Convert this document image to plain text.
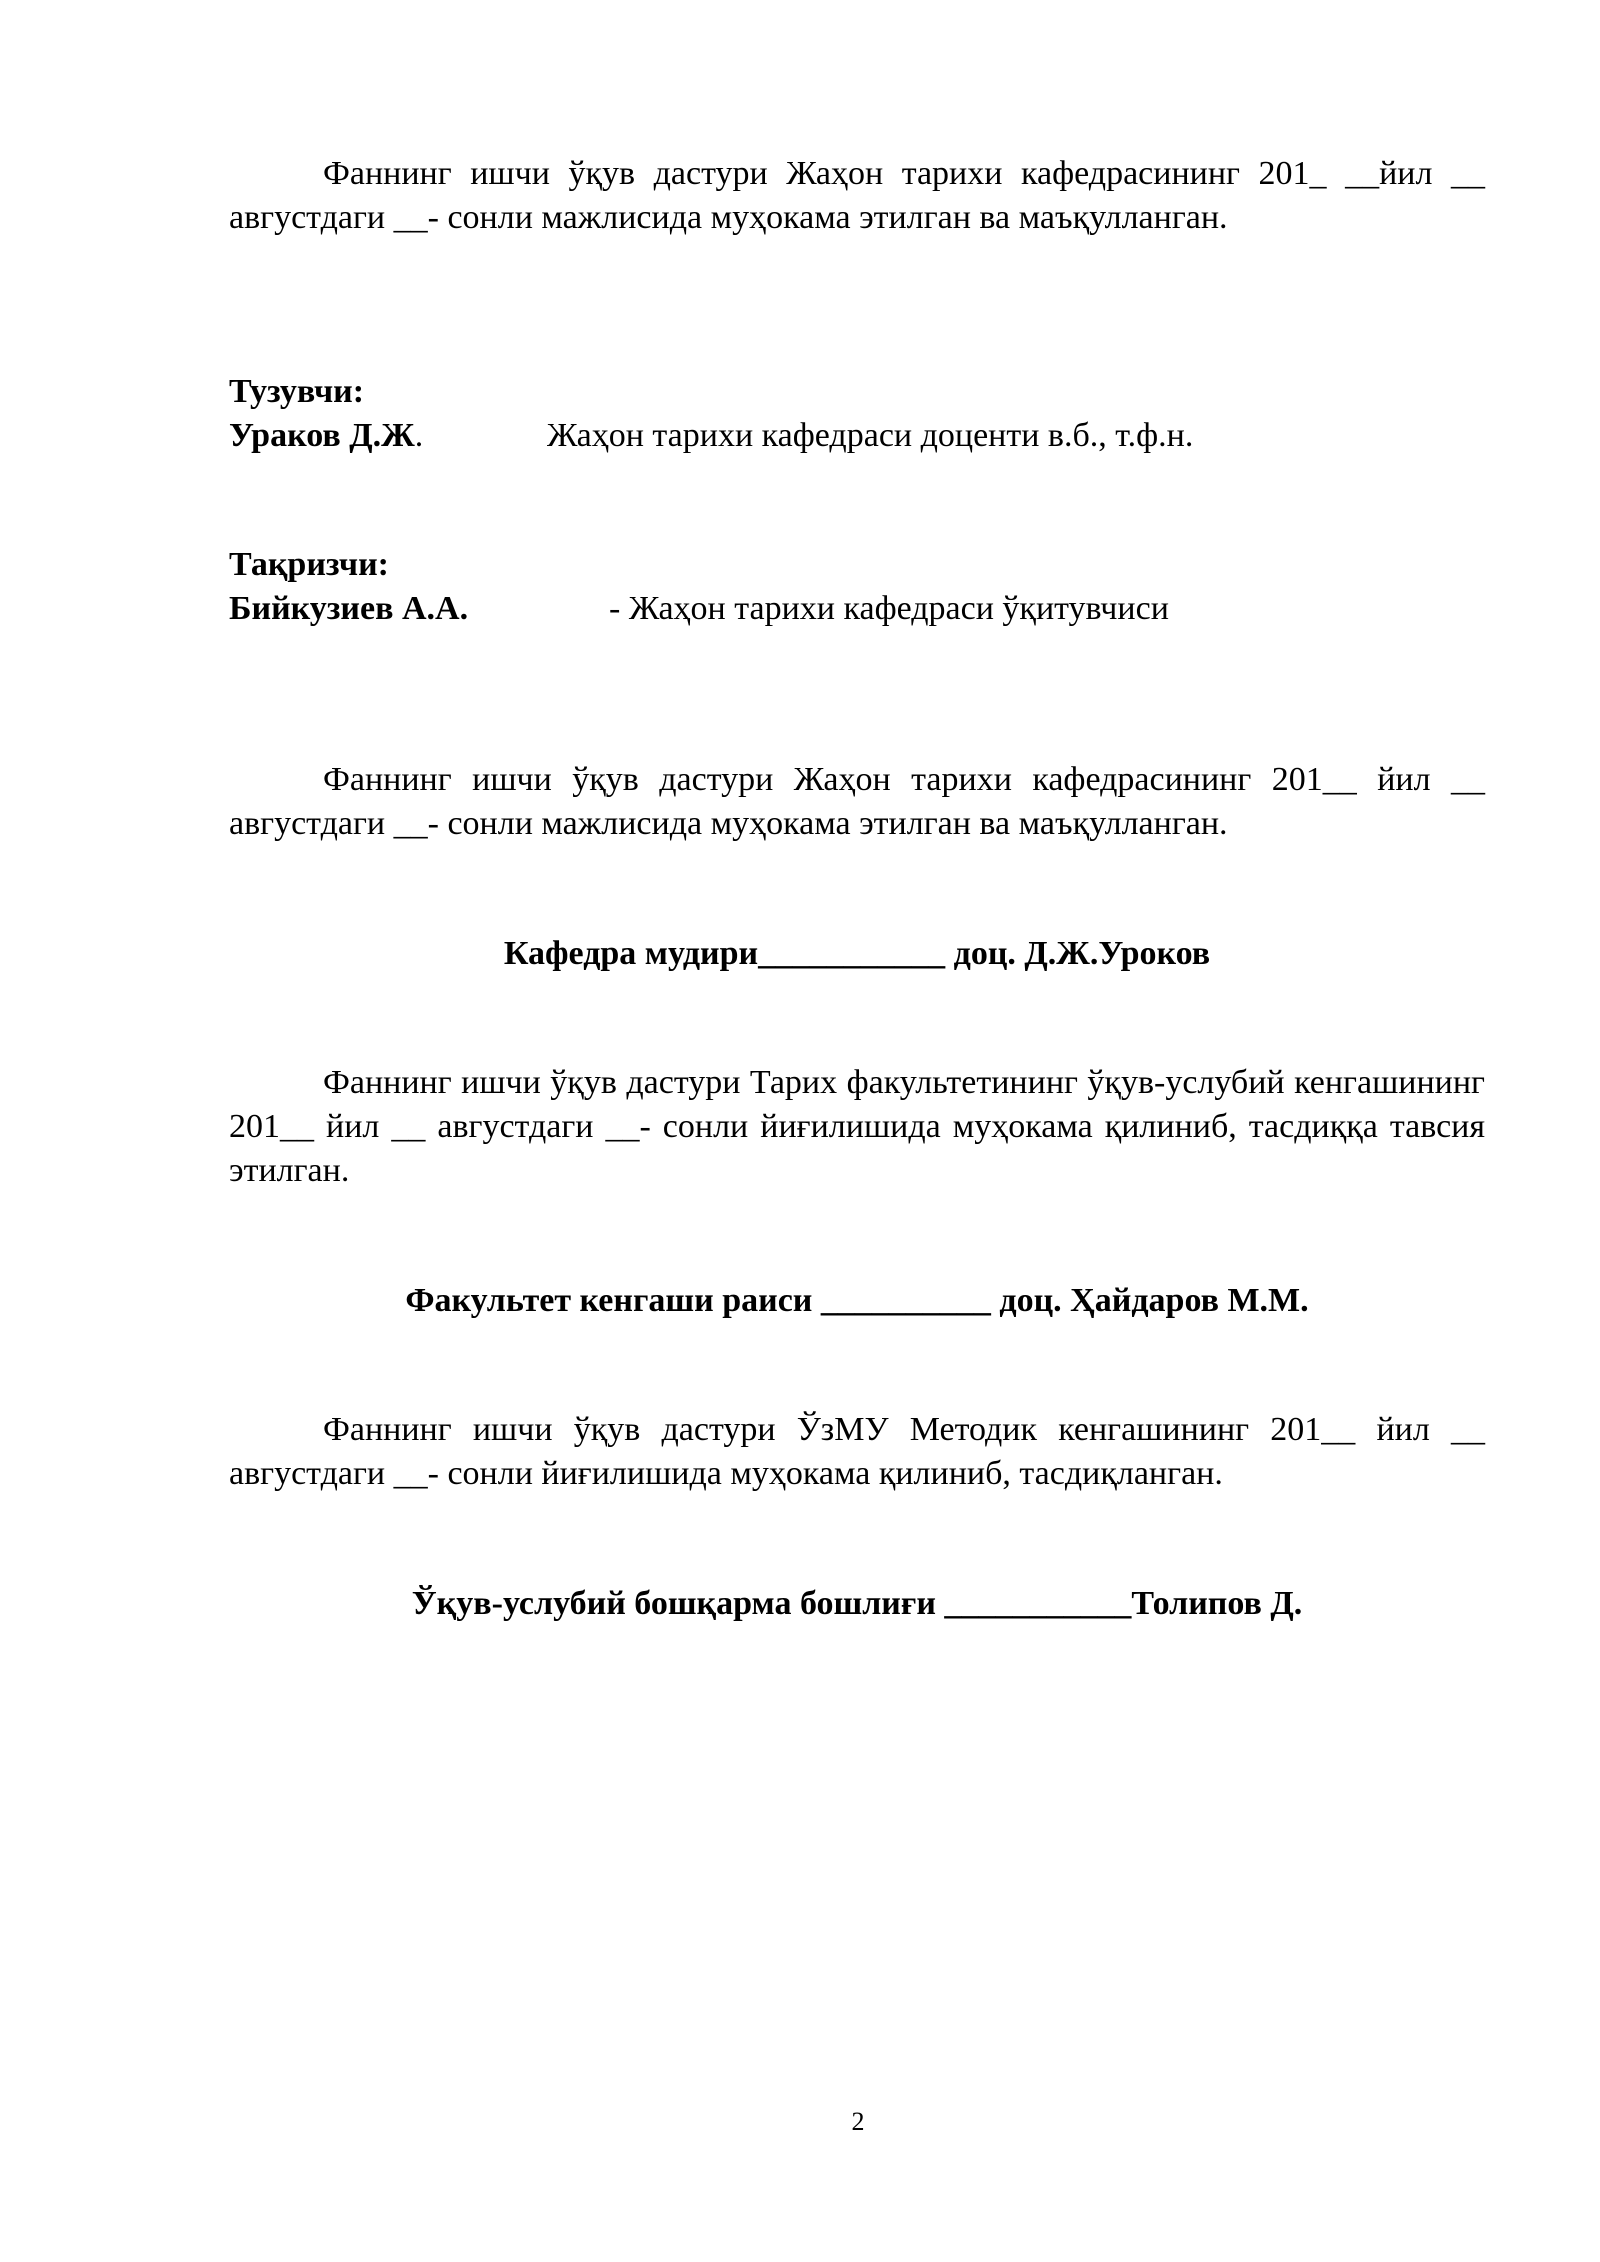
Фаннинг ишчи ўқув дастури Жаҳон тарихи кафедрасининг 201_ __йил __ августдаги __- сонли мажлисида муҳокама этилган ва маъқулланган.

Тузувчи:
Ураков Д.Ж.	Жаҳон тарихи кафедраси доценти в.б., т.ф.н.
Тақризчи:
Бийкузиев А.А.	- Жаҳон тарихи кафедраси ўқитувчиси

Фаннинг ишчи ўқув дастури Жаҳон тарихи кафедрасининг 201__ йил __ августдаги __- сонли мажлисида муҳокама этилган ва маъқулланган.

Кафедра мудири___________ доц. Д.Ж.Уроков

Фаннинг ишчи ўқув дастури Тарих факультетининг ўқув-услубий кенгашининг 201__ йил __ августдаги __- сонли йиғилишида муҳокама қилиниб, тасдиққа тавсия этилган.

Факультет кенгаши раиси __________ доц. Ҳайдаров М.М.

Фаннинг ишчи ўқув дастури ЎзМУ Методик кенгашининг 201__ йил __ августдаги __- сонли йиғилишида муҳокама қилиниб, тасдиқланган.

Ўқув-услубий бошқарма бошлиғи ___________Толипов Д.
2
